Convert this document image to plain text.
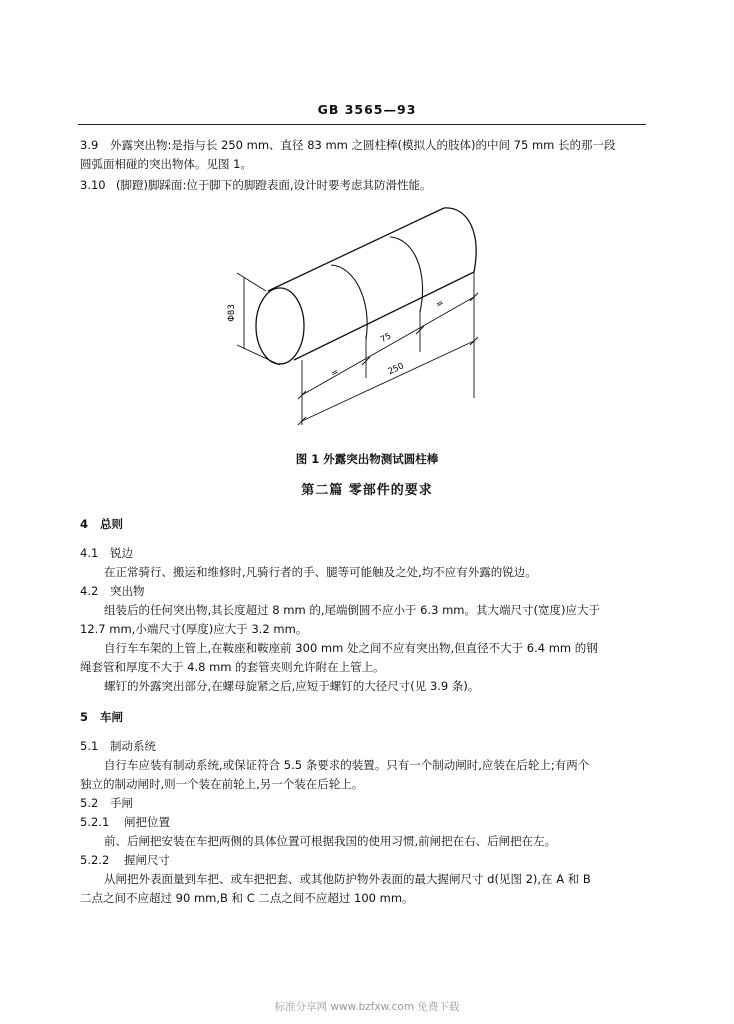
GB 3565—93
3.9 外露突出物:是指与长 250 mm、直径 83 mm 之圆柱棒(模拟人的肢体)的中间 75 mm 长的那一段
圆弧面相碰的突出物体。见图 1。
3.10 (脚蹬)脚踩面:位于脚下的脚蹬表面,设计时要考虑其防滑性能。
Φ83
=
75
=
250
图 1 外露突出物测试圆柱棒
第二篇 零部件的要求
4 总则
4.1 锐边
在正常骑行、搬运和维修时,凡骑行者的手、腿等可能触及之处,均不应有外露的锐边。
4.2 突出物
组装后的任何突出物,其长度超过 8 mm 的,尾端倒圆不应小于 6.3 mm。其大端尺寸(宽度)应大于
12.7 mm,小端尺寸(厚度)应大于 3.2 mm。
自行车车架的上管上,在鞍座和鞍座前 300 mm 处之间不应有突出物,但直径不大于 6.4 mm 的钢
绳套管和厚度不大于 4.8 mm 的套管夹则允许附在上管上。
螺钉的外露突出部分,在螺母旋紧之后,应短于螺钉的大径尺寸(见 3.9 条)。
5 车闸
5.1 制动系统
自行车应装有制动系统,或保证符合 5.5 条要求的装置。只有一个制动闸时,应装在后轮上;有两个
独立的制动闸时,则一个装在前轮上,另一个装在后轮上。
5.2 手闸
5.2.1 闸把位置
前、后闸把安装在车把两侧的具体位置可根据我国的使用习惯,前闸把在右、后闸把在左。
5.2.2 握闸尺寸
从闸把外表面量到车把、或车把把套、或其他防护物外表面的最大握闸尺寸 d(见图 2),在 A 和 B
二点之间不应超过 90 mm,B 和 C 二点之间不应超过 100 mm。
标准分享网 www.bzfxw.com 免费下载
